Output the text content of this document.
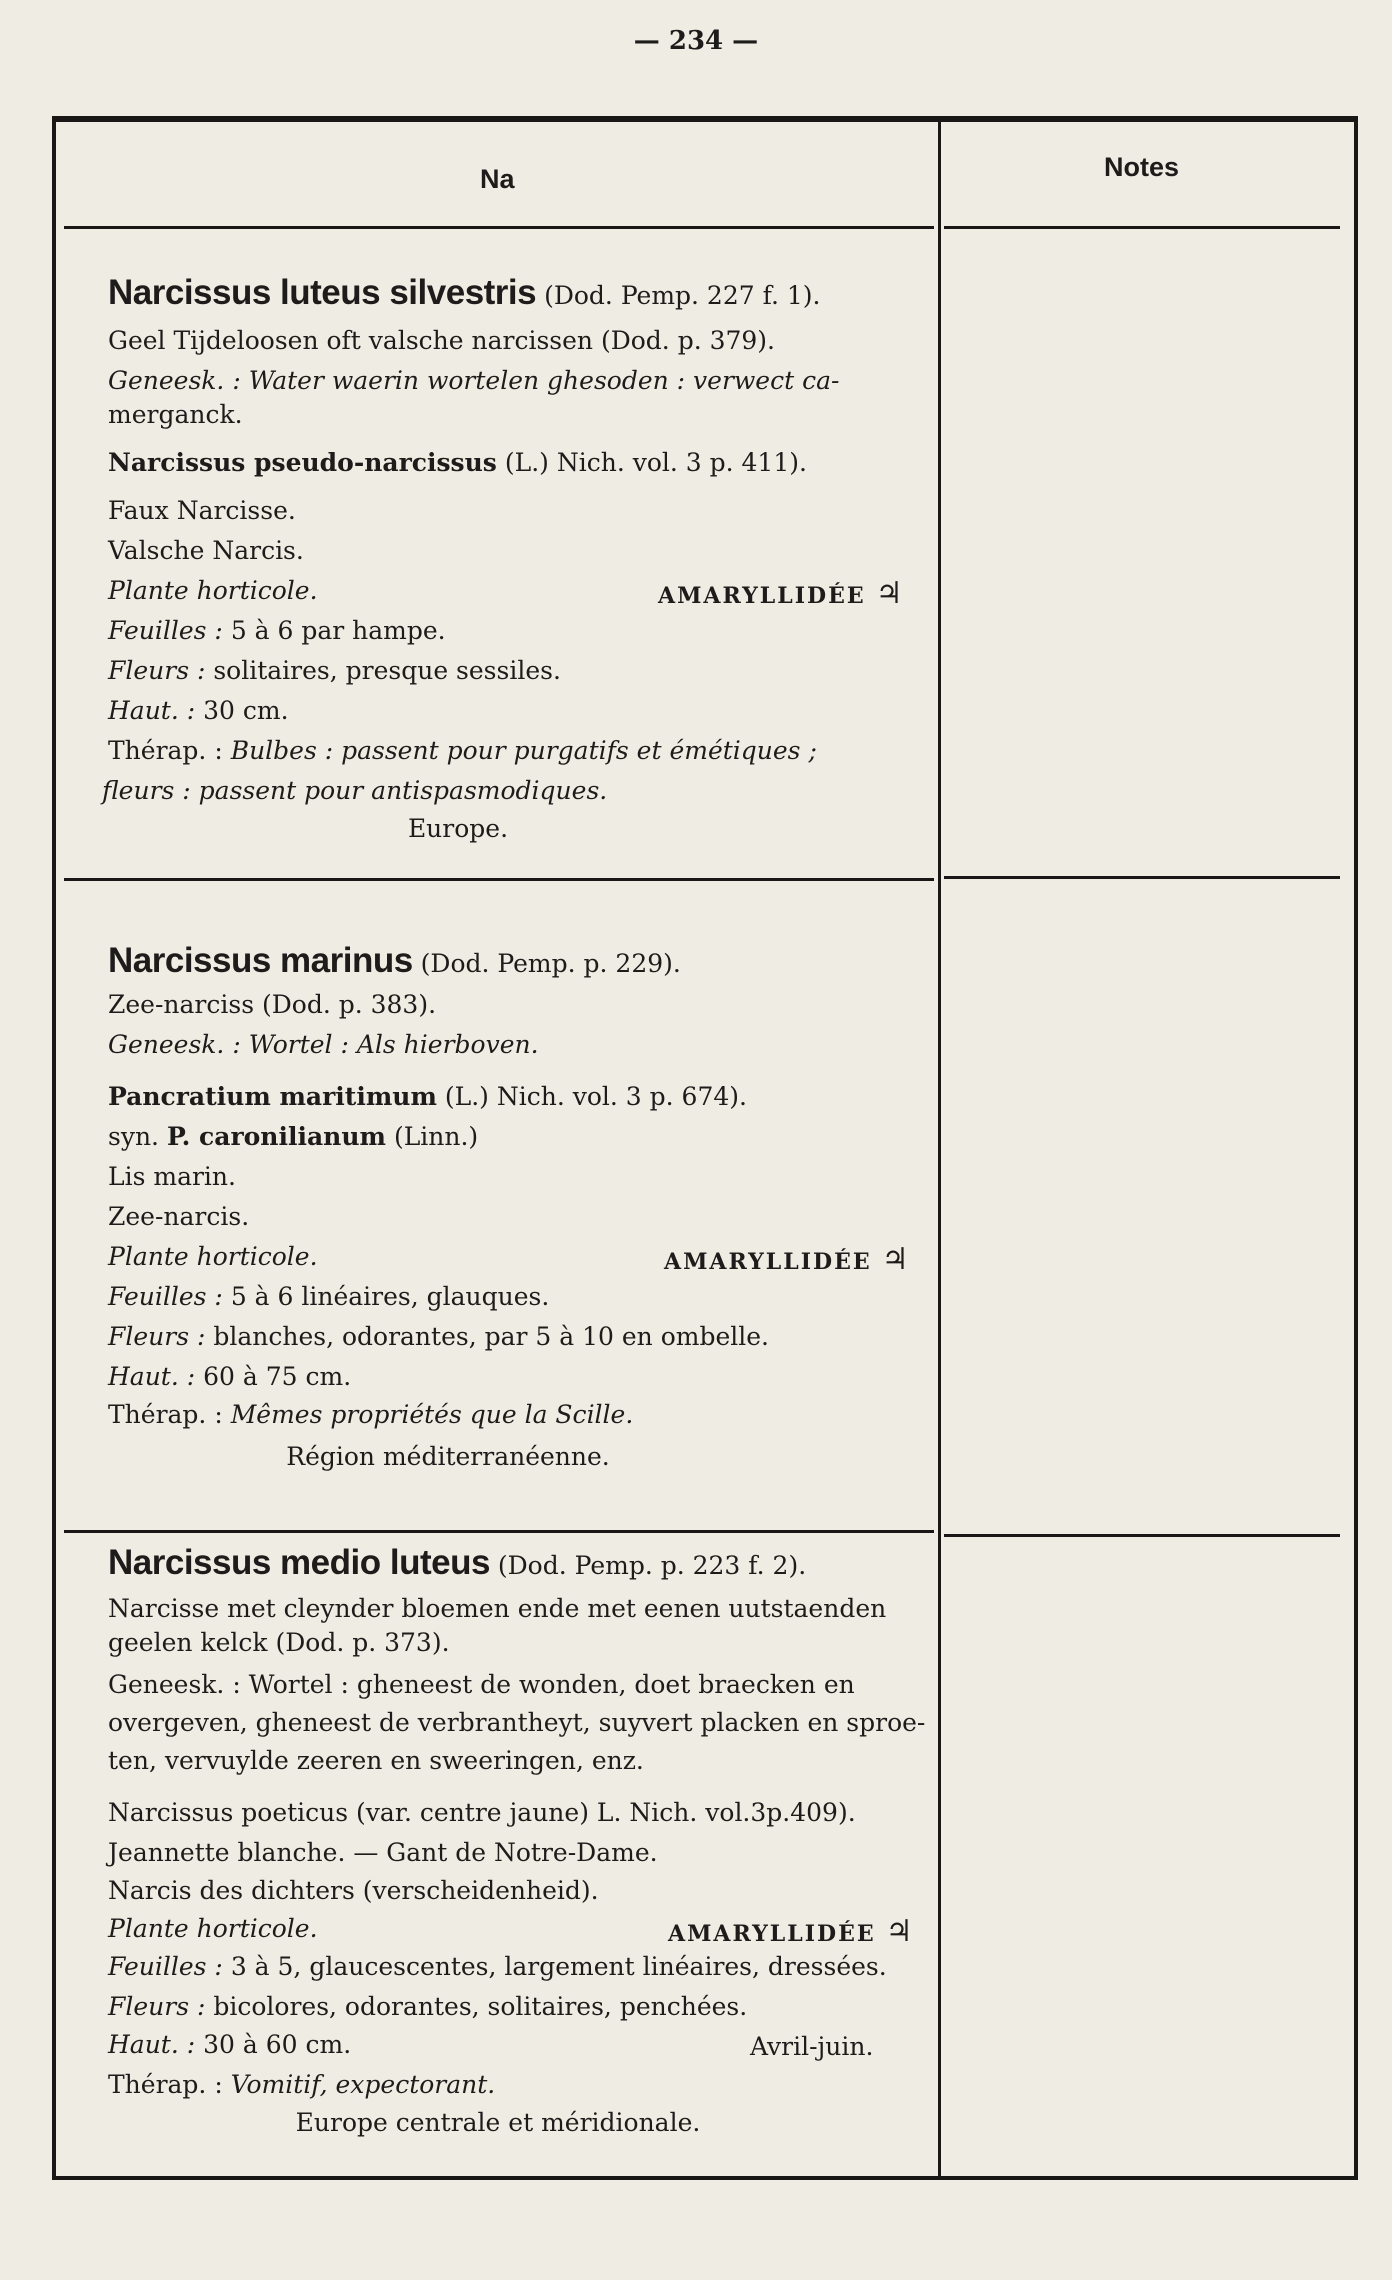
— 234 —
Na	Notes
Narcissus luteus silvestris (Dod. Pemp. 227 f. 1).
Geel Tijdeloosen oft valsche narcissen (Dod. p. 379).
Geneesk. : Water waerin wortelen ghesoden : verwect ca-
merganck.
Narcissus pseudo-narcissus (L.) Nich. vol. 3 p. 411).
Faux Narcisse.
Valsche Narcis.
Plante horticole.	AMARYLLIDÉE ♃
Feuilles : 5 à 6 par hampe.
Fleurs : solitaires, presque sessiles.
Haut. : 30 cm.
Thérap. : Bulbes : passent pour purgatifs et émétiques ;
fleurs : passent pour antispasmodiques.
Europe.
Narcissus marinus (Dod. Pemp. p. 229).
Zee-narciss (Dod. p. 383).
Geneesk. : Wortel : Als hierboven.
Pancratium maritimum (L.) Nich. vol. 3 p. 674).
syn. P. caronilianum (Linn.)
Lis marin.
Zee-narcis.
Plante horticole.	AMARYLLIDÉE ♃
Feuilles : 5 à 6 linéaires, glauques.
Fleurs : blanches, odorantes, par 5 à 10 en ombelle.
Haut. : 60 à 75 cm.
Thérap. : Mêmes propriétés que la Scille.
Région méditerranéenne.
Narcissus medio luteus (Dod. Pemp. p. 223 f. 2).
Narcisse met cleynder bloemen ende met eenen uutstaenden
geelen kelck (Dod. p. 373).
Geneesk. : Wortel : gheneest de wonden, doet braecken en
overgeven, gheneest de verbrantheyt, suyvert placken en sproe-
ten, vervuylde zeeren en sweeringen, enz.
Narcissus poeticus (var. centre jaune) L. Nich. vol.3p.409).
Jeannette blanche. — Gant de Notre-Dame.
Narcis des dichters (verscheidenheid).
Plante horticole.	AMARYLLIDÉE ♃
Feuilles : 3 à 5, glaucescentes, largement linéaires, dressées.
Fleurs : bicolores, odorantes, solitaires, penchées.
Haut. : 30 à 60 cm.	Avril-juin.
Thérap. : Vomitif, expectorant.
Europe centrale et méridionale.
